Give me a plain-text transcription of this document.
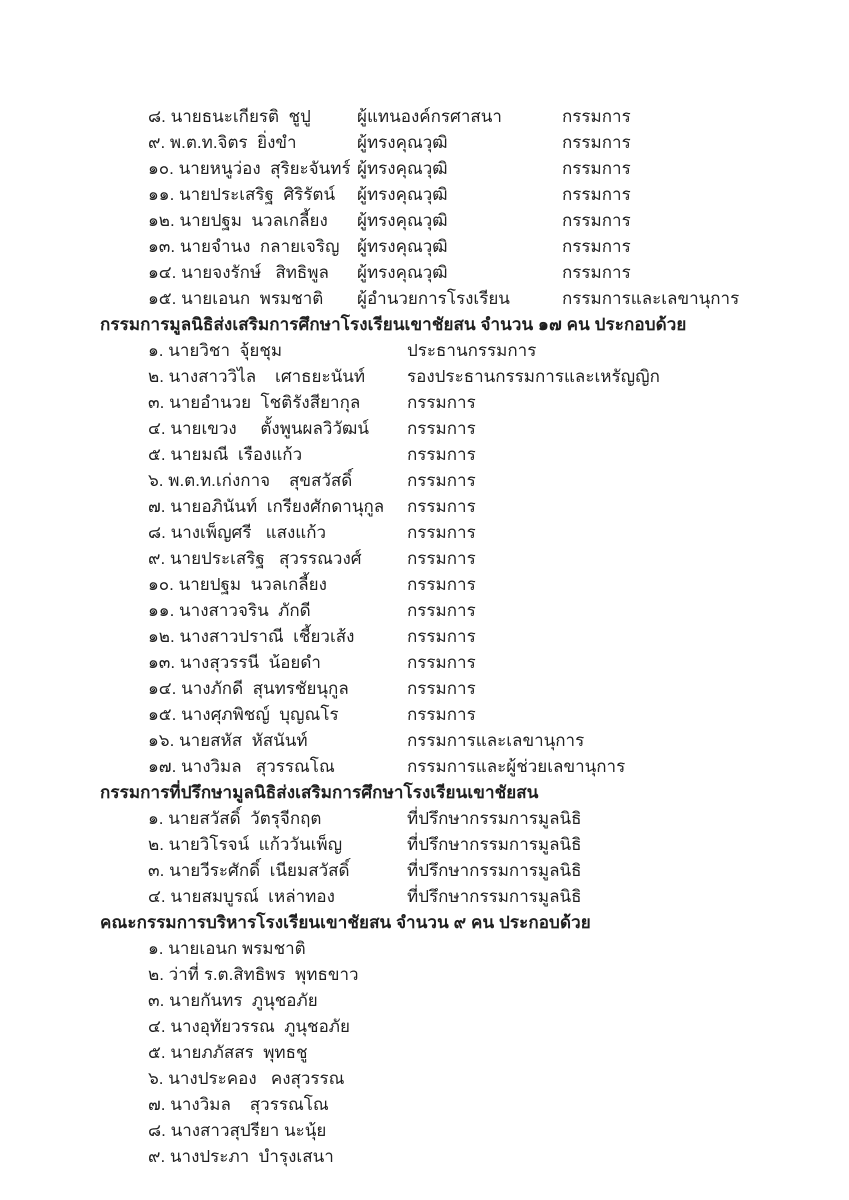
๘. นายธนะเกียรติ  ชูปู	ผู้แทนองค์กรศาสนา	กรรมการ
๙. พ.ต.ท.จิตร  ยิ่งขำ	ผู้ทรงคุณวุฒิ	กรรมการ
๑๐. นายหนูว่อง  สุริยะจันทร์ ผู้ทรงคุณวุฒิ	กรรมการ
๑๑. นายประเสริฐ  ศิริรัตน์	ผู้ทรงคุณวุฒิ	กรรมการ
๑๒. นายปฐม  นวลเกลี้ยง	ผู้ทรงคุณวุฒิ	กรรมการ
๑๓. นายจำนง  กลายเจริญ	ผู้ทรงคุณวุฒิ	กรรมการ
๑๔. นายจงรักษ์   สิทธิพูล	ผู้ทรงคุณวุฒิ	กรรมการ
๑๕. นายเอนก  พรมชาติ	ผู้อำนวยการโรงเรียน	กรรมการและเลขานุการ
กรรมการมูลนิธิส่งเสริมการศึกษาโรงเรียนเขาชัยสน จำนวน ๑๗ คน ประกอบด้วย
๑. นายวิชา  จุ้ยชุม	ประธานกรรมการ
๒. นางสาววิไล    เศาธยะนันท์	รองประธานกรรมการและเหรัญญิก
๓. นายอำนวย  โชติรังสียากุล	กรรมการ
๔. นายเขวง     ตั้งพูนผลวิวัฒน์	กรรมการ
๕. นายมณี  เรืองแก้ว	กรรมการ
๖. พ.ต.ท.เก่งกาจ    สุขสวัสดิ์	กรรมการ
๗. นายอภินันท์  เกรียงศักดานุกูล	กรรมการ
๘. นางเพ็ญศรี   แสงแก้ว	กรรมการ
๙. นายประเสริฐ   สุวรรณวงศ์	กรรมการ
๑๐. นายปฐม  นวลเกลี้ยง	กรรมการ
๑๑. นางสาวจริน  ภักดี	กรรมการ
๑๒. นางสาวปราณี  เชี้ยวเส้ง	กรรมการ
๑๓. นางสุวรรนี  น้อยดำ	กรรมการ
๑๔. นางภักดี  สุนทรชัยนุกูล	กรรมการ
๑๕. นางศุภพิชญ์  บุญณโร	กรรมการ
๑๖. นายสหัส  หัสนันท์	กรรมการและเลขานุการ
๑๗. นางวิมล   สุวรรณโณ	กรรมการและผู้ช่วยเลขานุการ
กรรมการที่ปรึกษามูลนิธิส่งเสริมการศึกษาโรงเรียนเขาชัยสน
๑. นายสวัสดิ์  วัตรุจีกฤต	ที่ปรึกษากรรมการมูลนิธิ
๒. นายวิโรจน์  แก้ววันเพ็ญ	ที่ปรึกษากรรมการมูลนิธิ
๓. นายวีระศักดิ์  เนียมสวัสดิ์	ที่ปรึกษากรรมการมูลนิธิ
๔. นายสมบูรณ์  เหล่าทอง	ที่ปรึกษากรรมการมูลนิธิ
คณะกรรมการบริหารโรงเรียนเขาชัยสน จำนวน ๙ คน ประกอบด้วย
๑. นายเอนก พรมชาติ
๒. ว่าที่ ร.ต.สิทธิพร  พุทธขาว
๓. นายกันทร  ภูนุชอภัย
๔. นางอุทัยวรรณ  ภูนุชอภัย
๕. นายภภัสสร  พุทธชู
๖. นางประคอง   คงสุวรรณ
๗. นางวิมล    สุวรรณโณ
๘. นางสาวสุปรียา นะนุ้ย
๙. นางประภา  บำรุงเสนา
